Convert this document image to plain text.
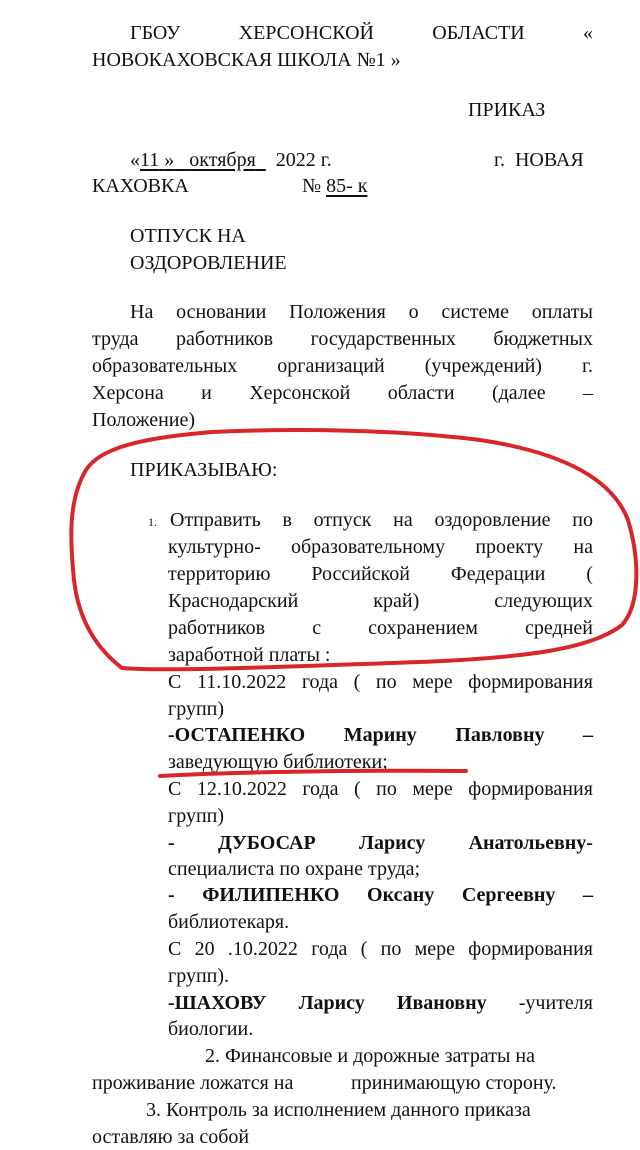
ГБОУ	ХЕРСОНСКОЙ	ОБЛАСТИ	«
НОВОКАХОВСКАЯ ШКОЛА №1 »
ПРИКАЗ
«11 » октября 2022 г.	г. НОВАЯ
КАХОВКА	№ 85- к
ОТПУСК НА
ОЗДОРОВЛЕНИЕ
На основании Положения о системе оплаты
труда работников государственных бюджетных
образовательных организаций (учреждений) г.
Херсона и Херсонской области (далее –
Положение)
ПРИКАЗЫВАЮ:
1. Отправить в отпуск на оздоровление по
культурно- образовательному проекту на
территорию Российской Федерации (
Краснодарский	край)	следующих
работников с сохранением средней
заработной платы :
С 11.10.2022 года ( по мере формирования
групп)
-ОСТАПЕНКО Марину Павловну –
заведующую библиотеки;
С 12.10.2022 года ( по мере формирования
групп)
- ДУБОСАР Ларису Анатольевну-
специалиста по охране труда;
- ФИЛИПЕНКО Оксану Сергеевну –
библиотекаря.
С 20 .10.2022 года ( по мере формирования
групп).
-ШАХОВУ Ларису Ивановну -учителя
биологии.
2. Финансовые и дорожные затраты на
проживание ложатся на	принимающую сторону.
3. Контроль за исполнением данного приказа
оставляю за собой
